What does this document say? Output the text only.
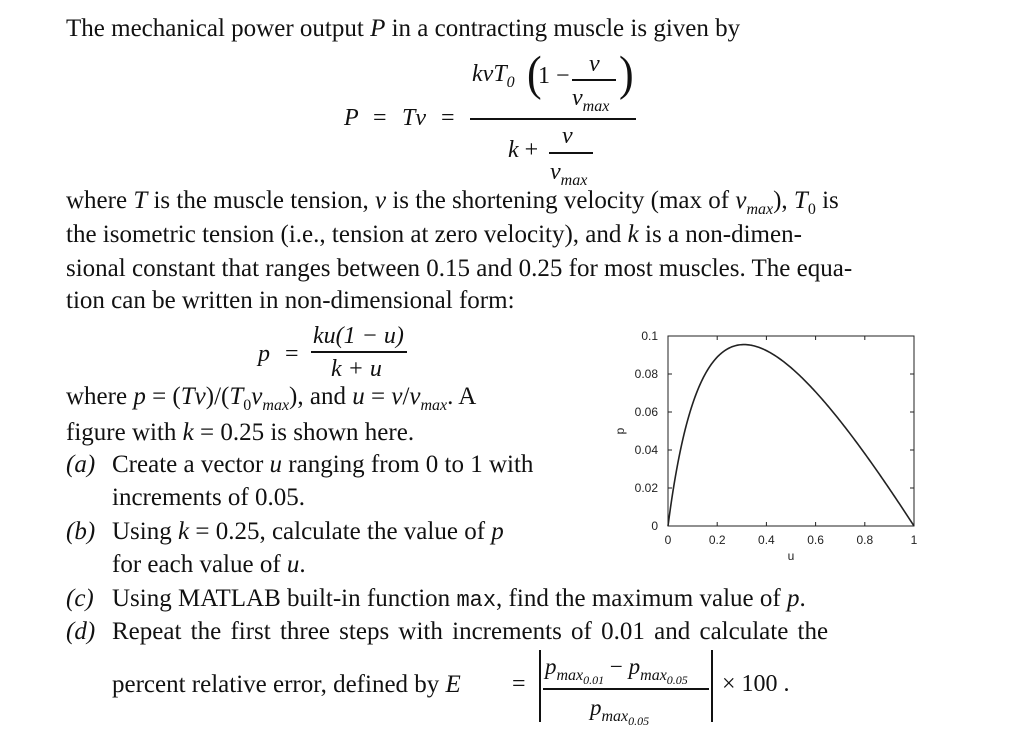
The mechanical power output P in a contracting muscle is given by
P = Tv =
kvT$_0$ (
1 − v
$v_{max}$
)
k +
v
$v_{max}$
where T is the muscle tension, v is the shortening velocity (max of $v_{max}$), $T_0$ is
the isometric tension (i.e., tension at zero velocity), and k is a non-dimen-
sional constant that ranges between 0.15 and 0.25 for most muscles. The equa-
tion can be written in non-dimensional form:
p =
ku(1 − u)
k + u
where $p = (Tv)/(T_0v_{max})$, and $u = v/v_{max}$. A
figure with k = 0.25 is shown here.
(a) Create a vector u ranging from 0 to 1 with
increments of 0.05.
(b) Using k = 0.25, calculate the value of p
for each value of u.
(c) Using MATLAB built-in function max, find the maximum value of p.
(d) Repeat the first three steps with increments of 0.01 and calculate the
percent relative error, defined by E =
$p_{max_{0.01}} - p_{max_{0.05}}$
$p_{max_{0.05}}$
× 100 .
0	0.2	0.4	0.6	0.8	1
0
0.02
0.04
0.06
0.08
0.1
u
p
